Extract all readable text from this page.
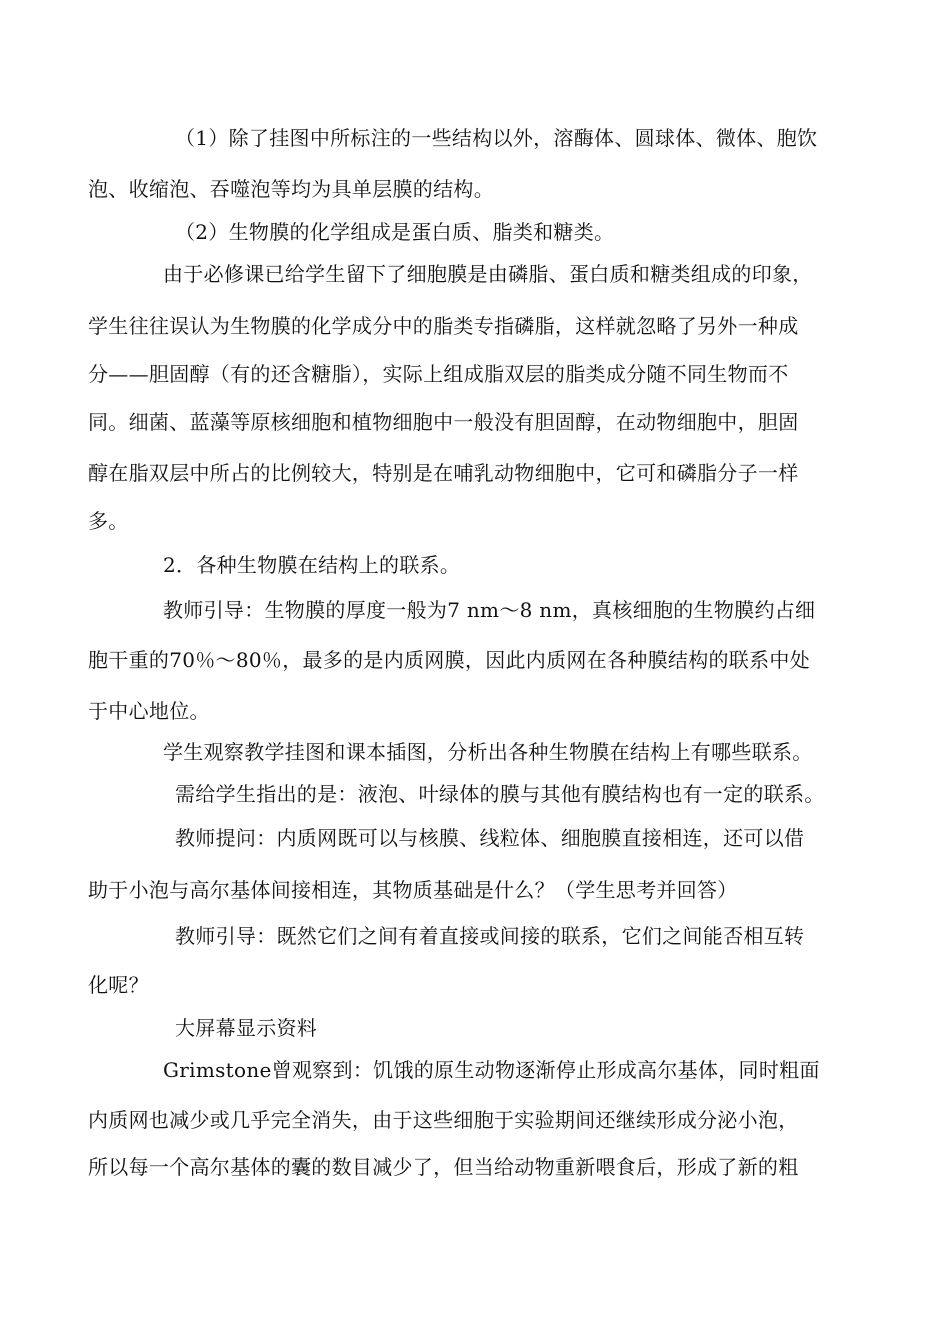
（1）除了挂图中所标注的一些结构以外，溶酶体、圆球体、微体、胞饮
泡、收缩泡、吞噬泡等均为具单层膜的结构。
（2）生物膜的化学组成是蛋白质、脂类和糖类。
由于必修课已给学生留下了细胞膜是由磷脂、蛋白质和糖类组成的印象，
学生往往误认为生物膜的化学成分中的脂类专指磷脂，这样就忽略了另外一种成
分——胆固醇（有的还含糖脂），实际上组成脂双层的脂类成分随不同生物而不
同。细菌、蓝藻等原核细胞和植物细胞中一般没有胆固醇，在动物细胞中，胆固
醇在脂双层中所占的比例较大，特别是在哺乳动物细胞中，它可和磷脂分子一样
多。
2．各种生物膜在结构上的联系。
教师引导：生物膜的厚度一般为7 nm～8 nm，真核细胞的生物膜约占细
胞干重的70％～80％，最多的是内质网膜，因此内质网在各种膜结构的联系中处
于中心地位。
学生观察教学挂图和课本插图，分析出各种生物膜在结构上有哪些联系。
需给学生指出的是：液泡、叶绿体的膜与其他有膜结构也有一定的联系。
教师提问：内质网既可以与核膜、线粒体、细胞膜直接相连，还可以借
助于小泡与高尔基体间接相连，其物质基础是什么？（学生思考并回答）
教师引导：既然它们之间有着直接或间接的联系，它们之间能否相互转
化呢？
大屏幕显示资料
Grimstone曾观察到：饥饿的原生动物逐渐停止形成高尔基体，同时粗面
内质网也减少或几乎完全消失，由于这些细胞于实验期间还继续形成分泌小泡，
所以每一个高尔基体的囊的数目减少了，但当给动物重新喂食后，形成了新的粗
